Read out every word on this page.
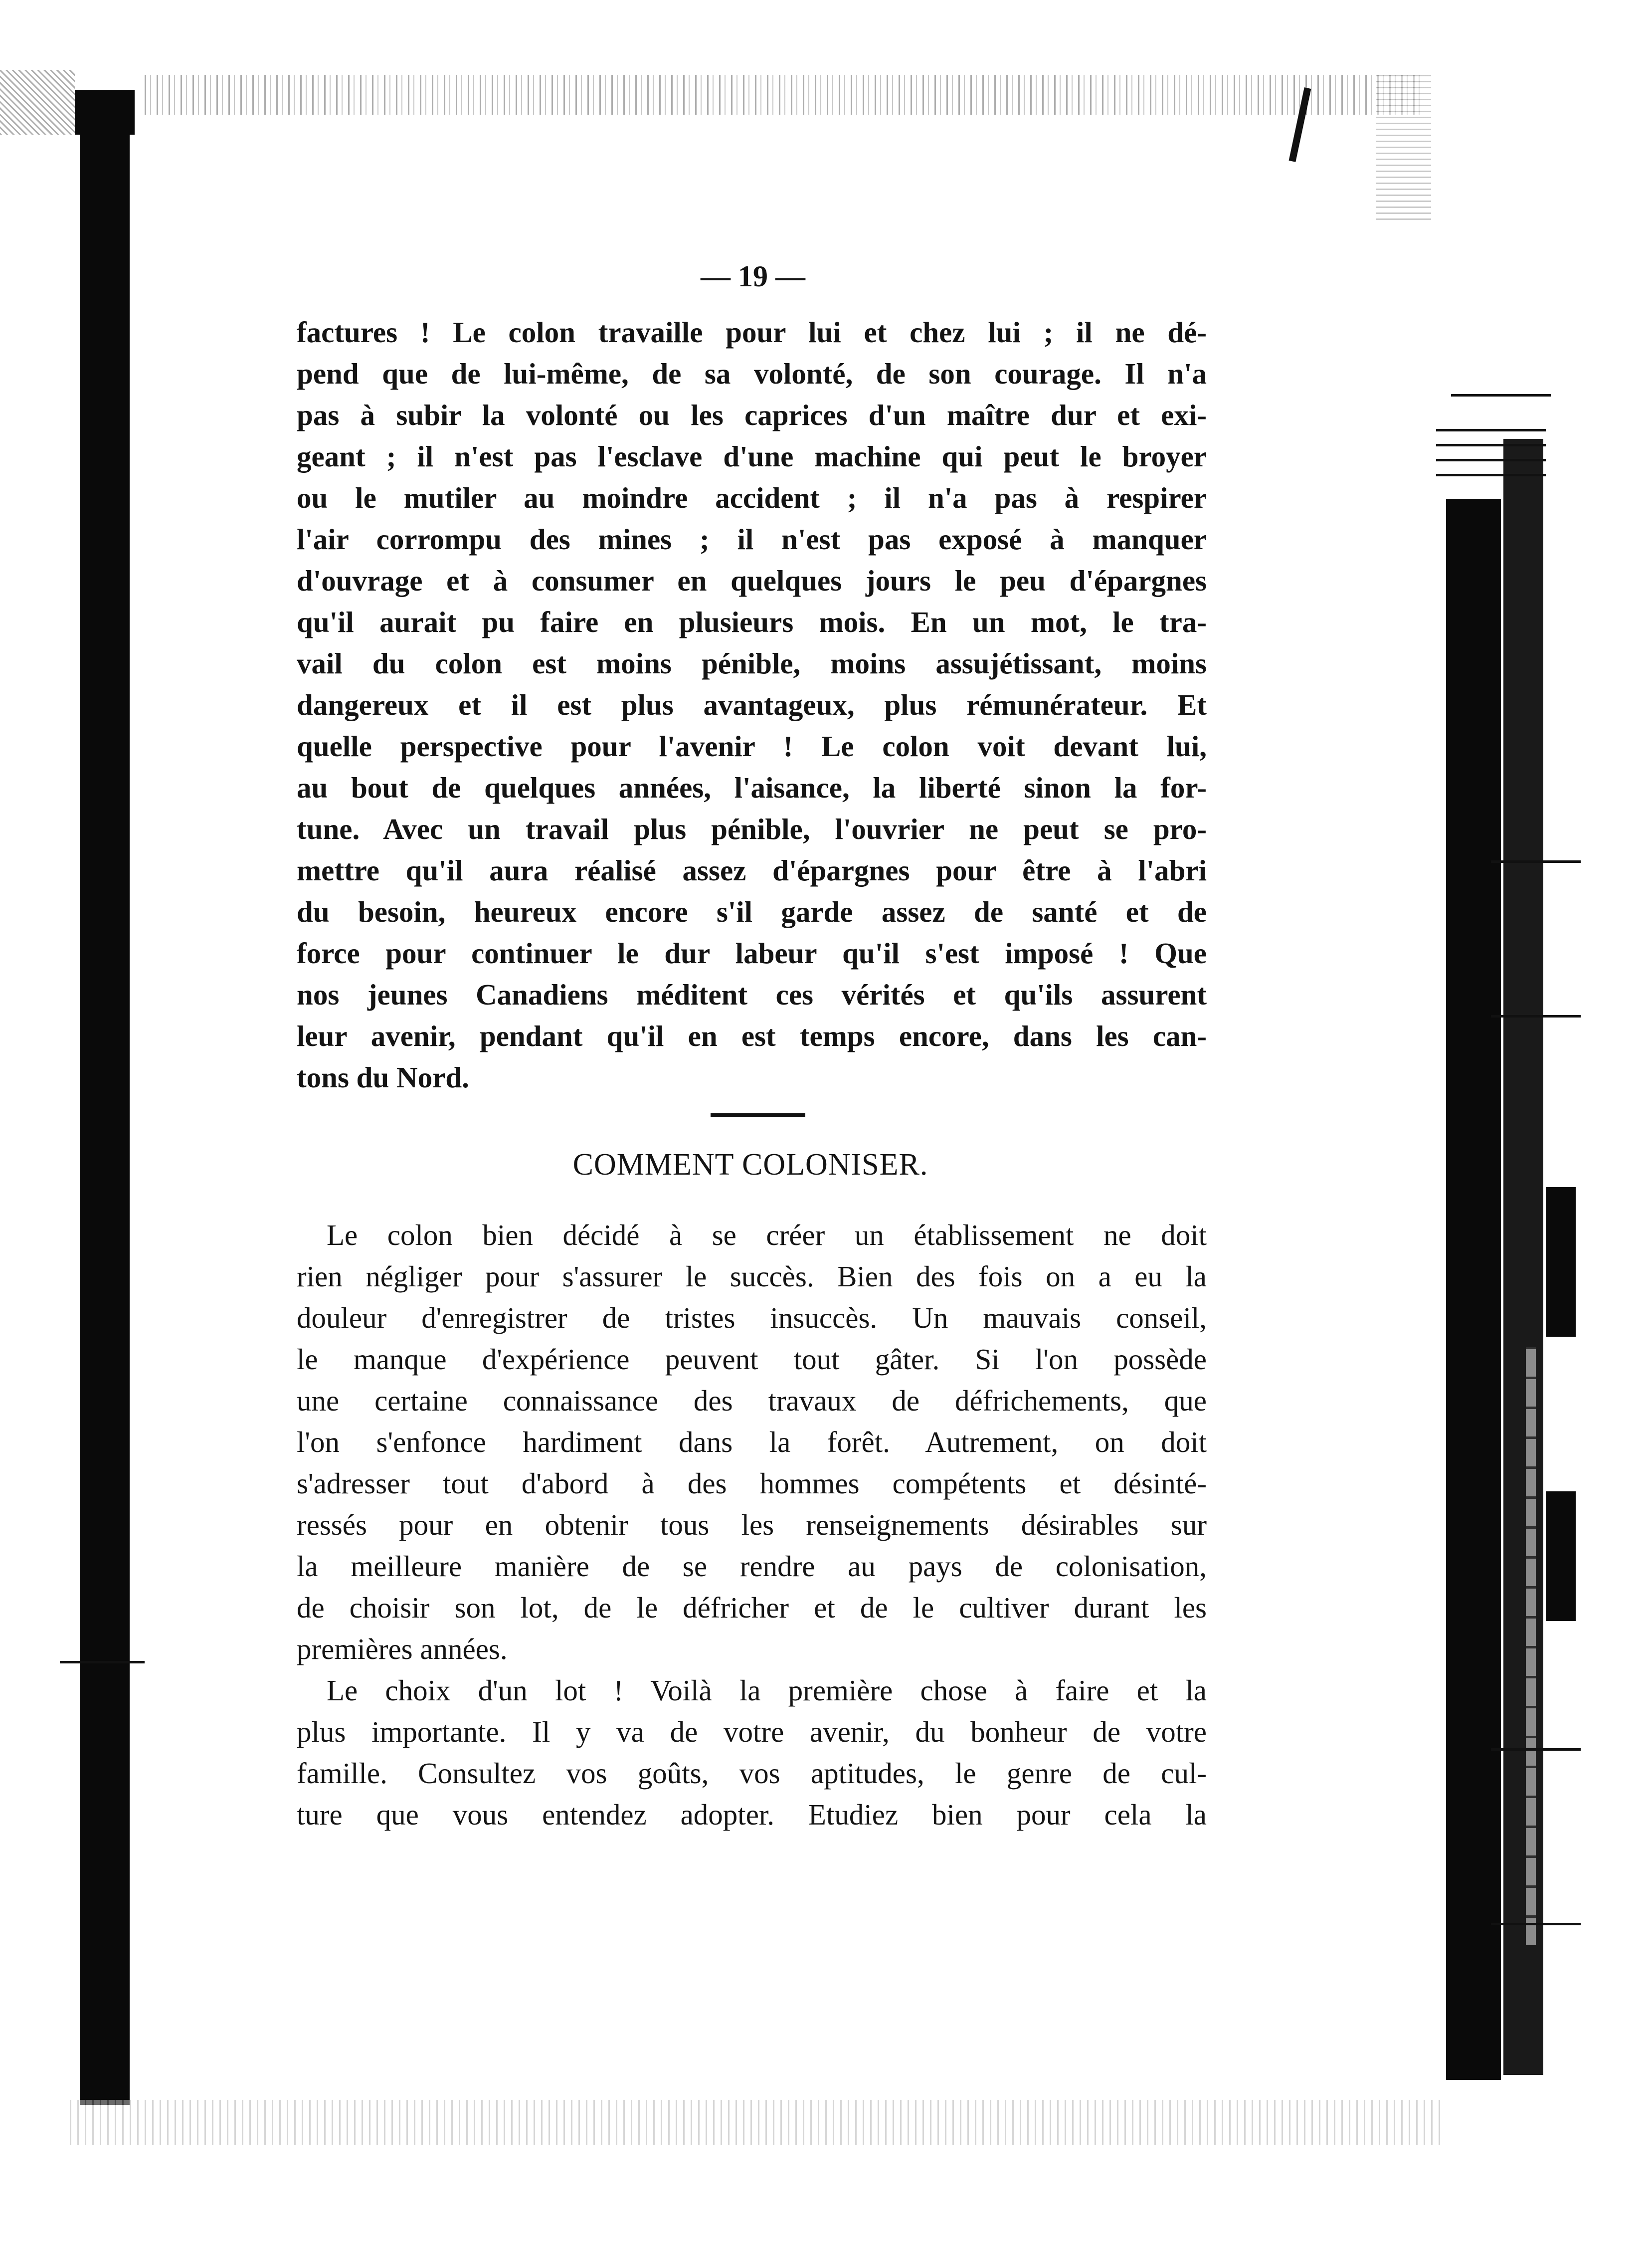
— 19 —
factures ! Le colon travaille pour lui et chez lui ; il ne dé-
pend que de lui-même, de sa volonté, de son courage. Il n'a
pas à subir la volonté ou les caprices d'un maître dur et exi-
geant ; il n'est pas l'esclave d'une machine qui peut le broyer
ou le mutiler au moindre accident ; il n'a pas à respirer
l'air corrompu des mines ; il n'est pas exposé à manquer
d'ouvrage et à consumer en quelques jours le peu d'épargnes
qu'il aurait pu faire en plusieurs mois. En un mot, le tra-
vail du colon est moins pénible, moins assujétissant, moins
dangereux et il est plus avantageux, plus rémunérateur. Et
quelle perspective pour l'avenir ! Le colon voit devant lui,
au bout de quelques années, l'aisance, la liberté sinon la for-
tune. Avec un travail plus pénible, l'ouvrier ne peut se pro-
mettre qu'il aura réalisé assez d'épargnes pour être à l'abri
du besoin, heureux encore s'il garde assez de santé et de
force pour continuer le dur labeur qu'il s'est imposé ! Que
nos jeunes Canadiens méditent ces vérités et qu'ils assurent
leur avenir, pendant qu'il en est temps encore, dans les can-
tons du Nord.
COMMENT COLONISER.
Le colon bien décidé à se créer un établissement ne doit
rien négliger pour s'assurer le succès. Bien des fois on a eu la
douleur d'enregistrer de tristes insuccès. Un mauvais conseil,
le manque d'expérience peuvent tout gâter. Si l'on possède
une certaine connaissance des travaux de défrichements, que
l'on s'enfonce hardiment dans la forêt. Autrement, on doit
s'adresser tout d'abord à des hommes compétents et désinté-
ressés pour en obtenir tous les renseignements désirables sur
la meilleure manière de se rendre au pays de colonisation,
de choisir son lot, de le défricher et de le cultiver durant les
premières années.
Le choix d'un lot ! Voilà la première chose à faire et la
plus importante. Il y va de votre avenir, du bonheur de votre
famille. Consultez vos goûts, vos aptitudes, le genre de cul-
ture que vous entendez adopter. Etudiez bien pour cela la
